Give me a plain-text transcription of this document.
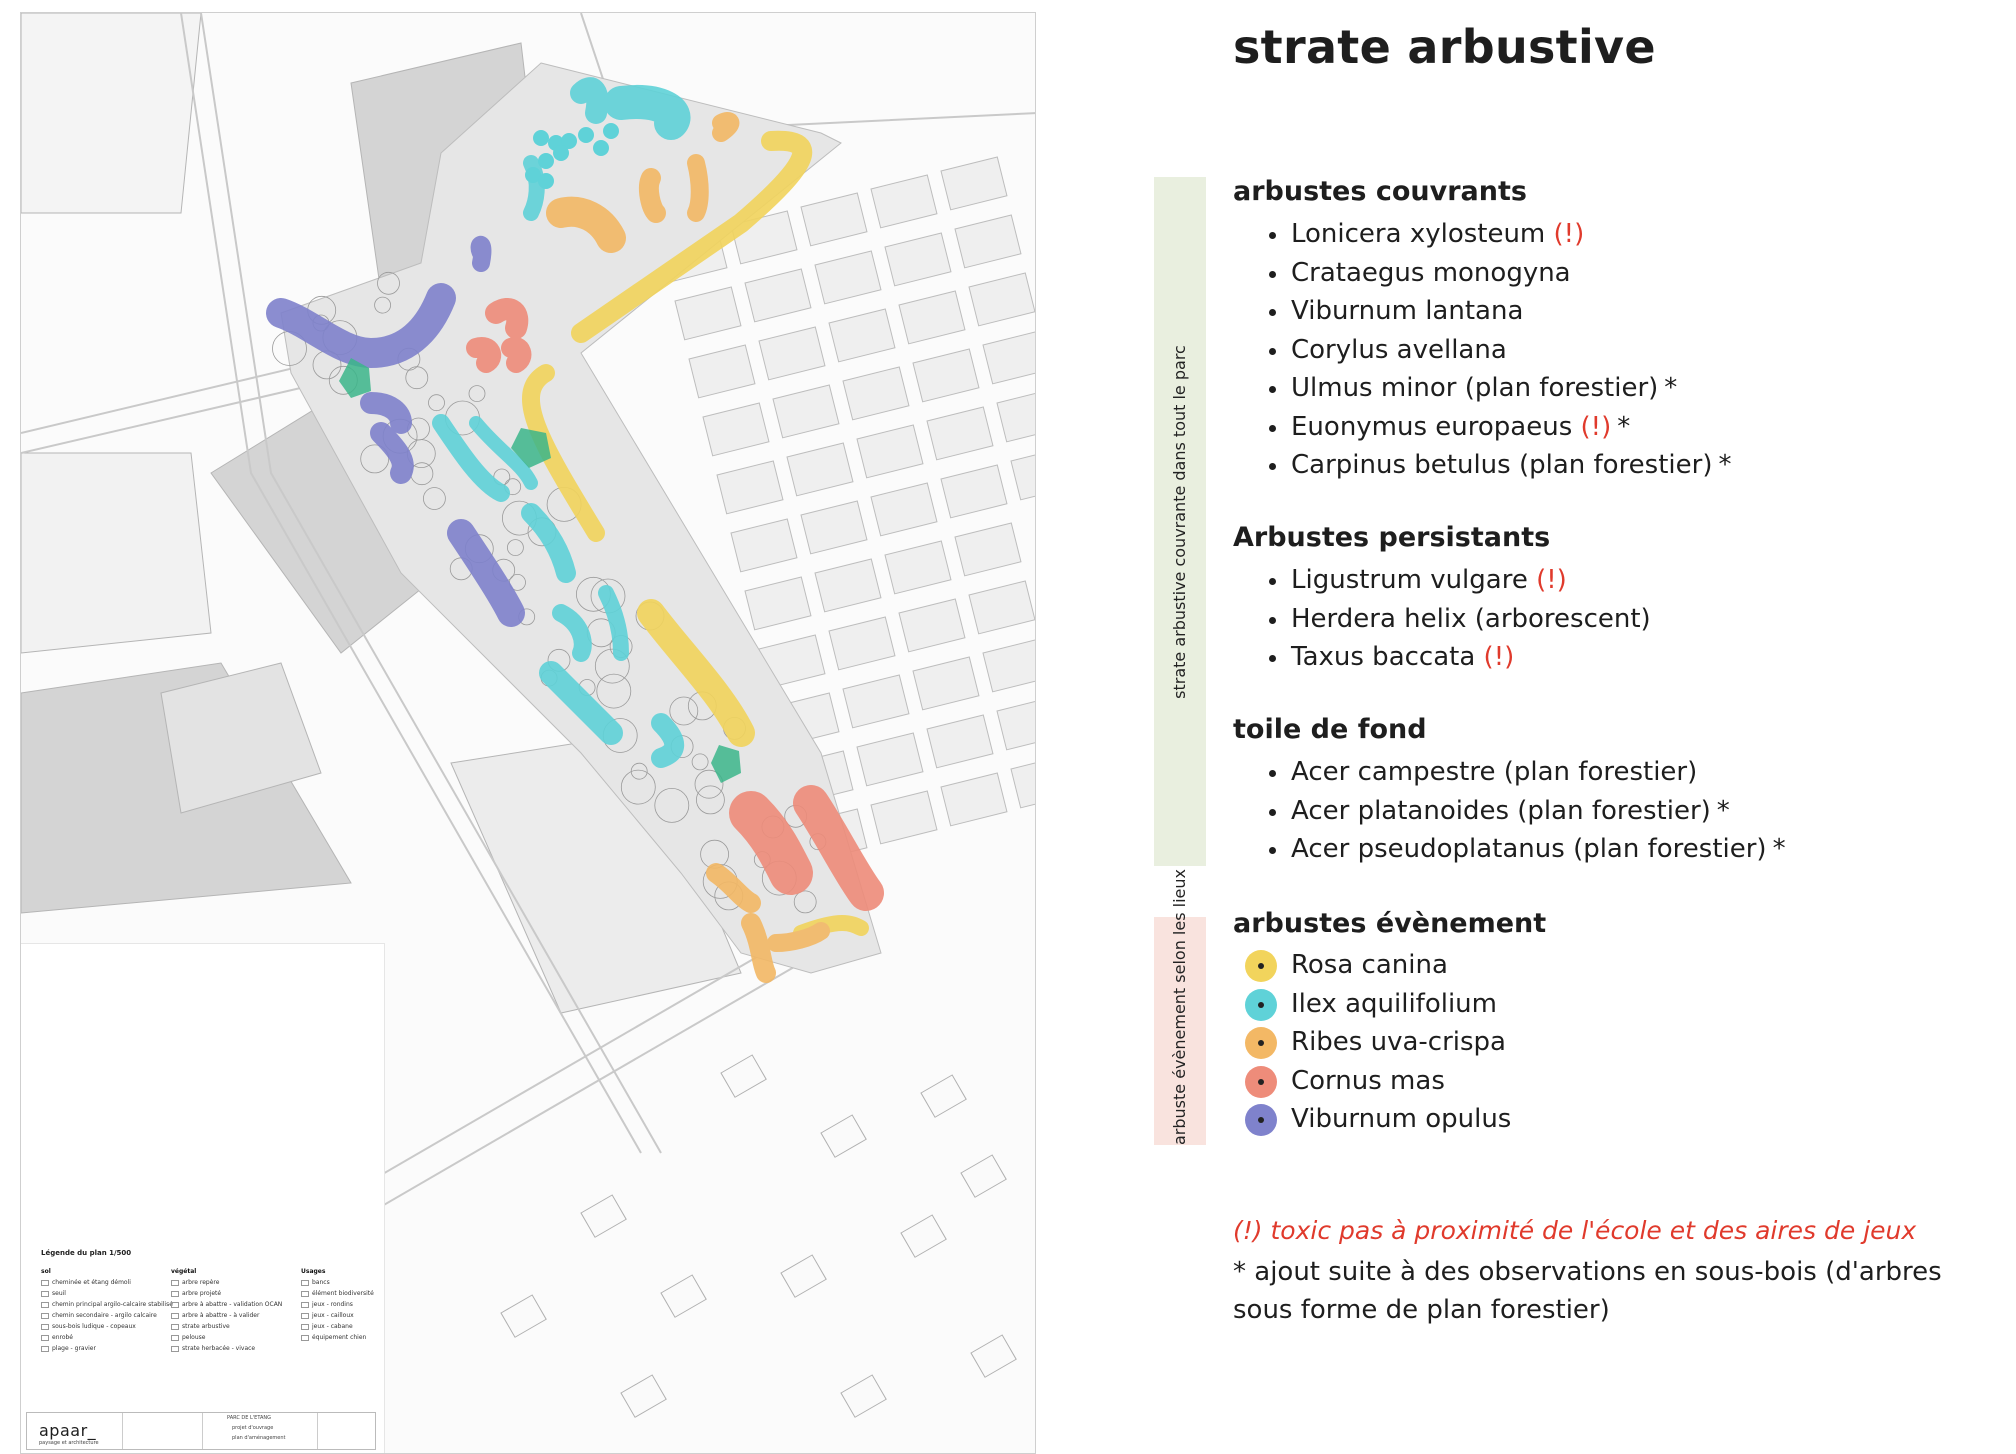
Légende du plan 1/500
sol
cheminée et étang démoli
seuil
chemin principal argilo-calcaire stabilisé
chemin secondaire - argilo calcaire
sous-bois ludique - copeaux
enrobé
plage - gravier
végétal
arbre repère
arbre projeté
arbre à abattre - validation OCAN
arbre à abattre - à valider
strate arbustive
pelouse
strate herbacée - vivace
Usages
bancs
élément biodiversité
jeux - rondins
jeux - cailloux
jeux - cabane
équipement chien
apaar_
paysage et architecture
PARC DE L'ETANG
projet d'ouvrage
plan d'aménagement
strate arbustive
strate arbustive couvrante dans tout le parc
arbuste évènement selon les lieux
arbustes couvrants
Lonicera xylosteum (!)
Crataegus monogyna
Viburnum lantana
Corylus avellana
Ulmus minor (plan forestier) *
Euonymus europaeus (!) *
Carpinus betulus (plan forestier) *
Arbustes persistants
Ligustrum vulgare (!)
Herdera helix (arborescent)
Taxus baccata (!)
toile de fond
Acer campestre (plan forestier)
Acer platanoides (plan forestier) *
Acer pseudoplatanus (plan forestier) *
arbustes évènement
Rosa canina
Ilex aquilifolium
Ribes uva-crispa
Cornus mas
Viburnum opulus

(!) toxic pas à proximité de l'école et des aires de jeux

* ajout suite à des observations en sous-bois (d'arbres sous forme de plan forestier)
